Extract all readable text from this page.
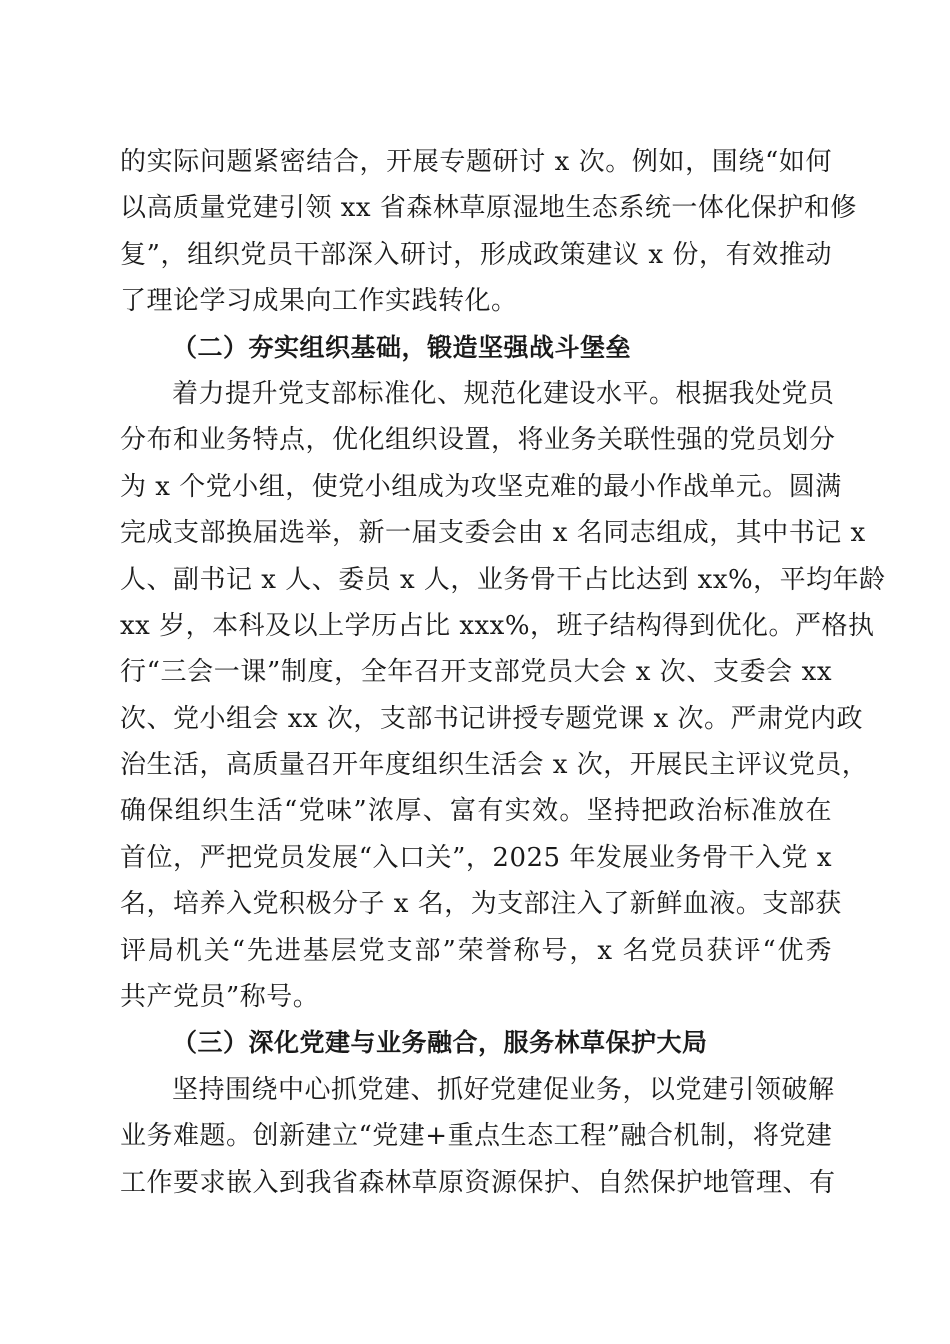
的实际问题紧密结合，开展专题研讨 x 次。例如，围绕“如何
以高质量党建引领 xx 省森林草原湿地生态系统一体化保护和修
复”，组织党员干部深入研讨，形成政策建议 x 份，有效推动
了理论学习成果向工作实践转化。
（二）夯实组织基础，锻造坚强战斗堡垒
着力提升党支部标准化、规范化建设水平。根据我处党员
分布和业务特点，优化组织设置，将业务关联性强的党员划分
为 x 个党小组，使党小组成为攻坚克难的最小作战单元。圆满
完成支部换届选举，新一届支委会由 x 名同志组成，其中书记 x
人、副书记 x 人、委员 x 人，业务骨干占比达到 xx%，平均年龄
xx 岁，本科及以上学历占比 xxx%，班子结构得到优化。严格执
行“三会一课”制度，全年召开支部党员大会 x 次、支委会 xx
次、党小组会 xx 次，支部书记讲授专题党课 x 次。严肃党内政
治生活，高质量召开年度组织生活会 x 次，开展民主评议党员，
确保组织生活“党味”浓厚、富有实效。坚持把政治标准放在
首位，严把党员发展“入口关”，2025 年发展业务骨干入党 x
名，培养入党积极分子 x 名，为支部注入了新鲜血液。支部获
评局机关“先进基层党支部”荣誉称号，x 名党员获评“优秀
共产党员”称号。
（三）深化党建与业务融合，服务林草保护大局
坚持围绕中心抓党建、抓好党建促业务，以党建引领破解
业务难题。创新建立“党建+重点生态工程”融合机制，将党建
工作要求嵌入到我省森林草原资源保护、自然保护地管理、有
